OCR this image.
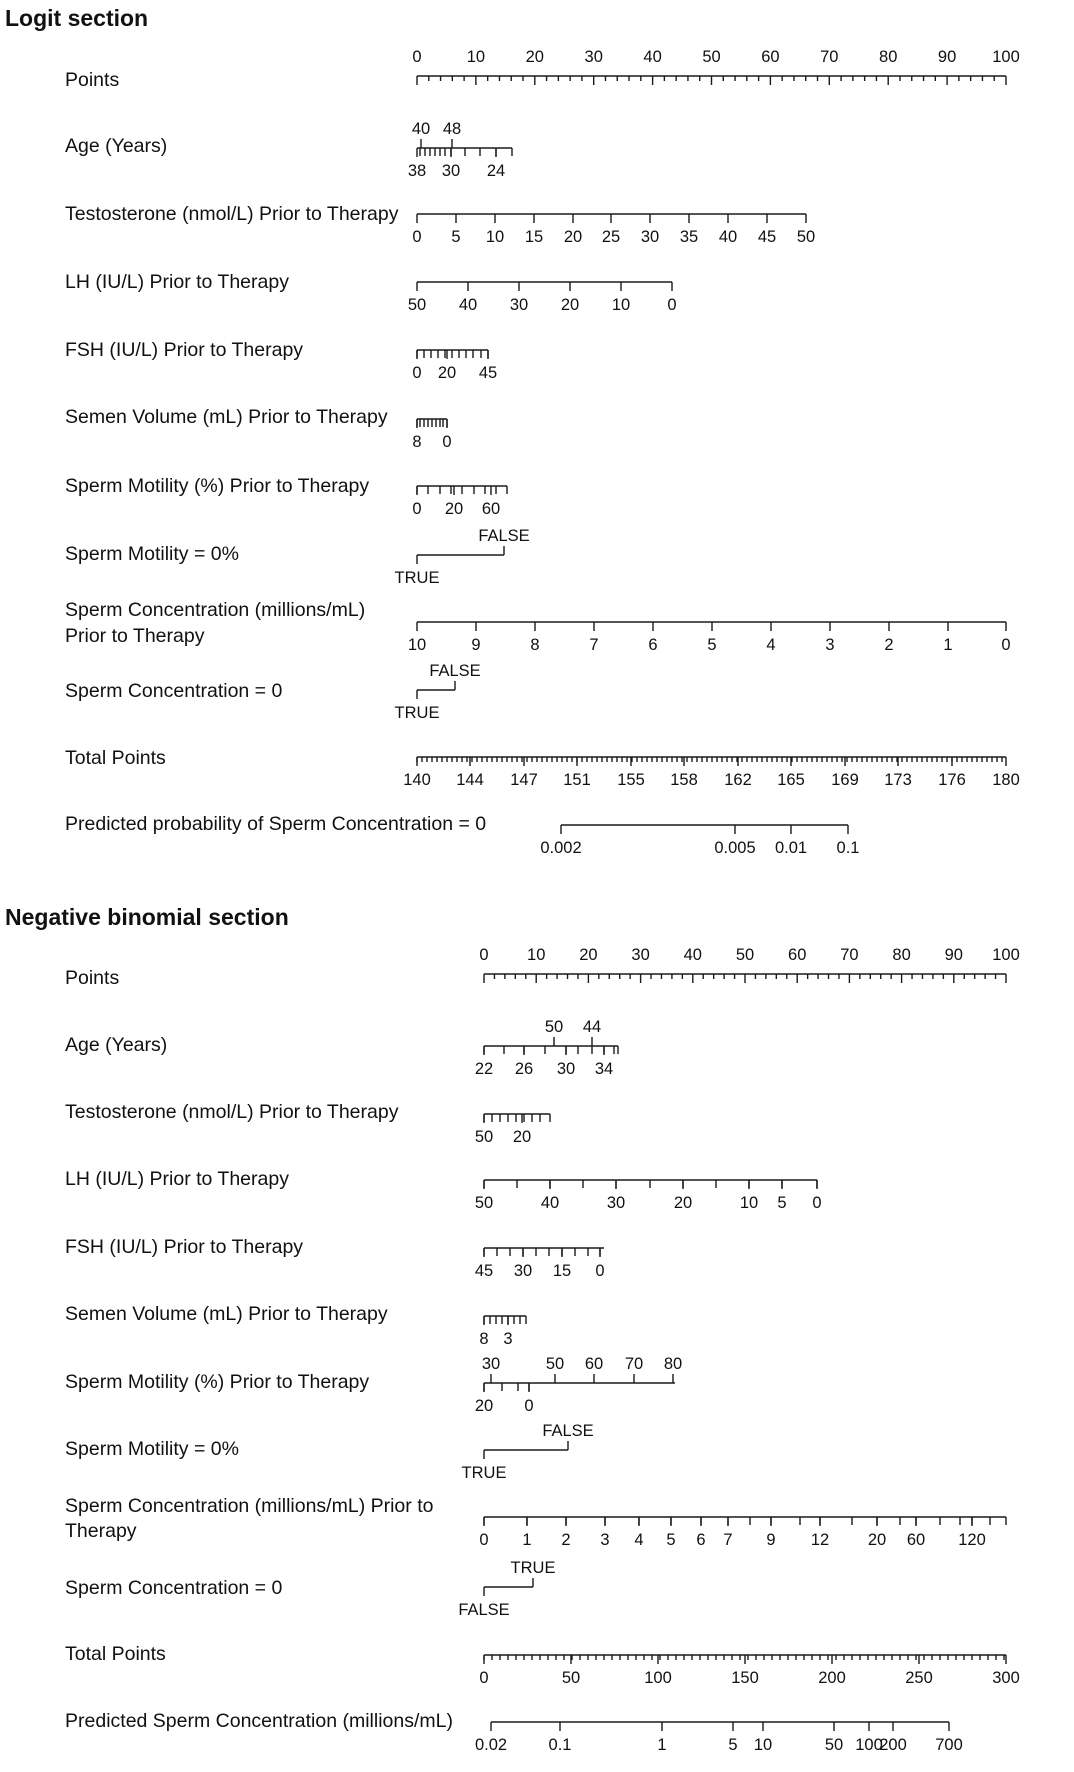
Logit section
Points
0	10 20 30 40 50 60 70 80 90 100
Age (Years)
38 30 24
40 48
Testosterone (nmol/L) Prior to Therapy
0 5 10 15 20 25 30 35 40 45 50
LH (IU/L) Prior to Therapy
50 40 30 20 10 0
FSH (IU/L) Prior to Therapy
0 20 45
Semen Volume (mL) Prior to Therapy
8 0
Sperm Motility (%) Prior to Therapy
0 20 60
Sperm Motility = 0%
TRUE
FALSE
Sperm Concentration (millions/mL)
Prior to Therapy	10	9	8	7	6	5	4	3	2	1	0
Sperm Concentration = 0
TRUE
FALSE
Total Points
140 144 147 151 155 158 162 165 169 173 176 180
Predicted probability of Sperm Concentration = 0
0.002	0.005 0.01 0.1
Negative binomial section
Points
0 10 20 30 40 50 60 70 80 90 100
Age (Years)
22 26 30 34
50 44
Testosterone (nmol/L) Prior to Therapy
50 20
LH (IU/L) Prior to Therapy
50	40	30	20	10 5 0
FSH (IU/L) Prior to Therapy
45 30 15 0
Semen Volume (mL) Prior to Therapy
8 3
Sperm Motility (%) Prior to Therapy
20 0
30	50 60 70 80
Sperm Motility = 0%
TRUE
FALSE
Sperm Concentration (millions/mL) Prior to
Therapy	0 1 2 3 4 5 6 7 9 12 20 60 120
Sperm Concentration = 0
FALSE
TRUE
Total Points
0	50	100	150	200	250	300
Predicted Sperm Concentration (millions/mL)
0.02	0.1	1	5 10	50 100
200 700
